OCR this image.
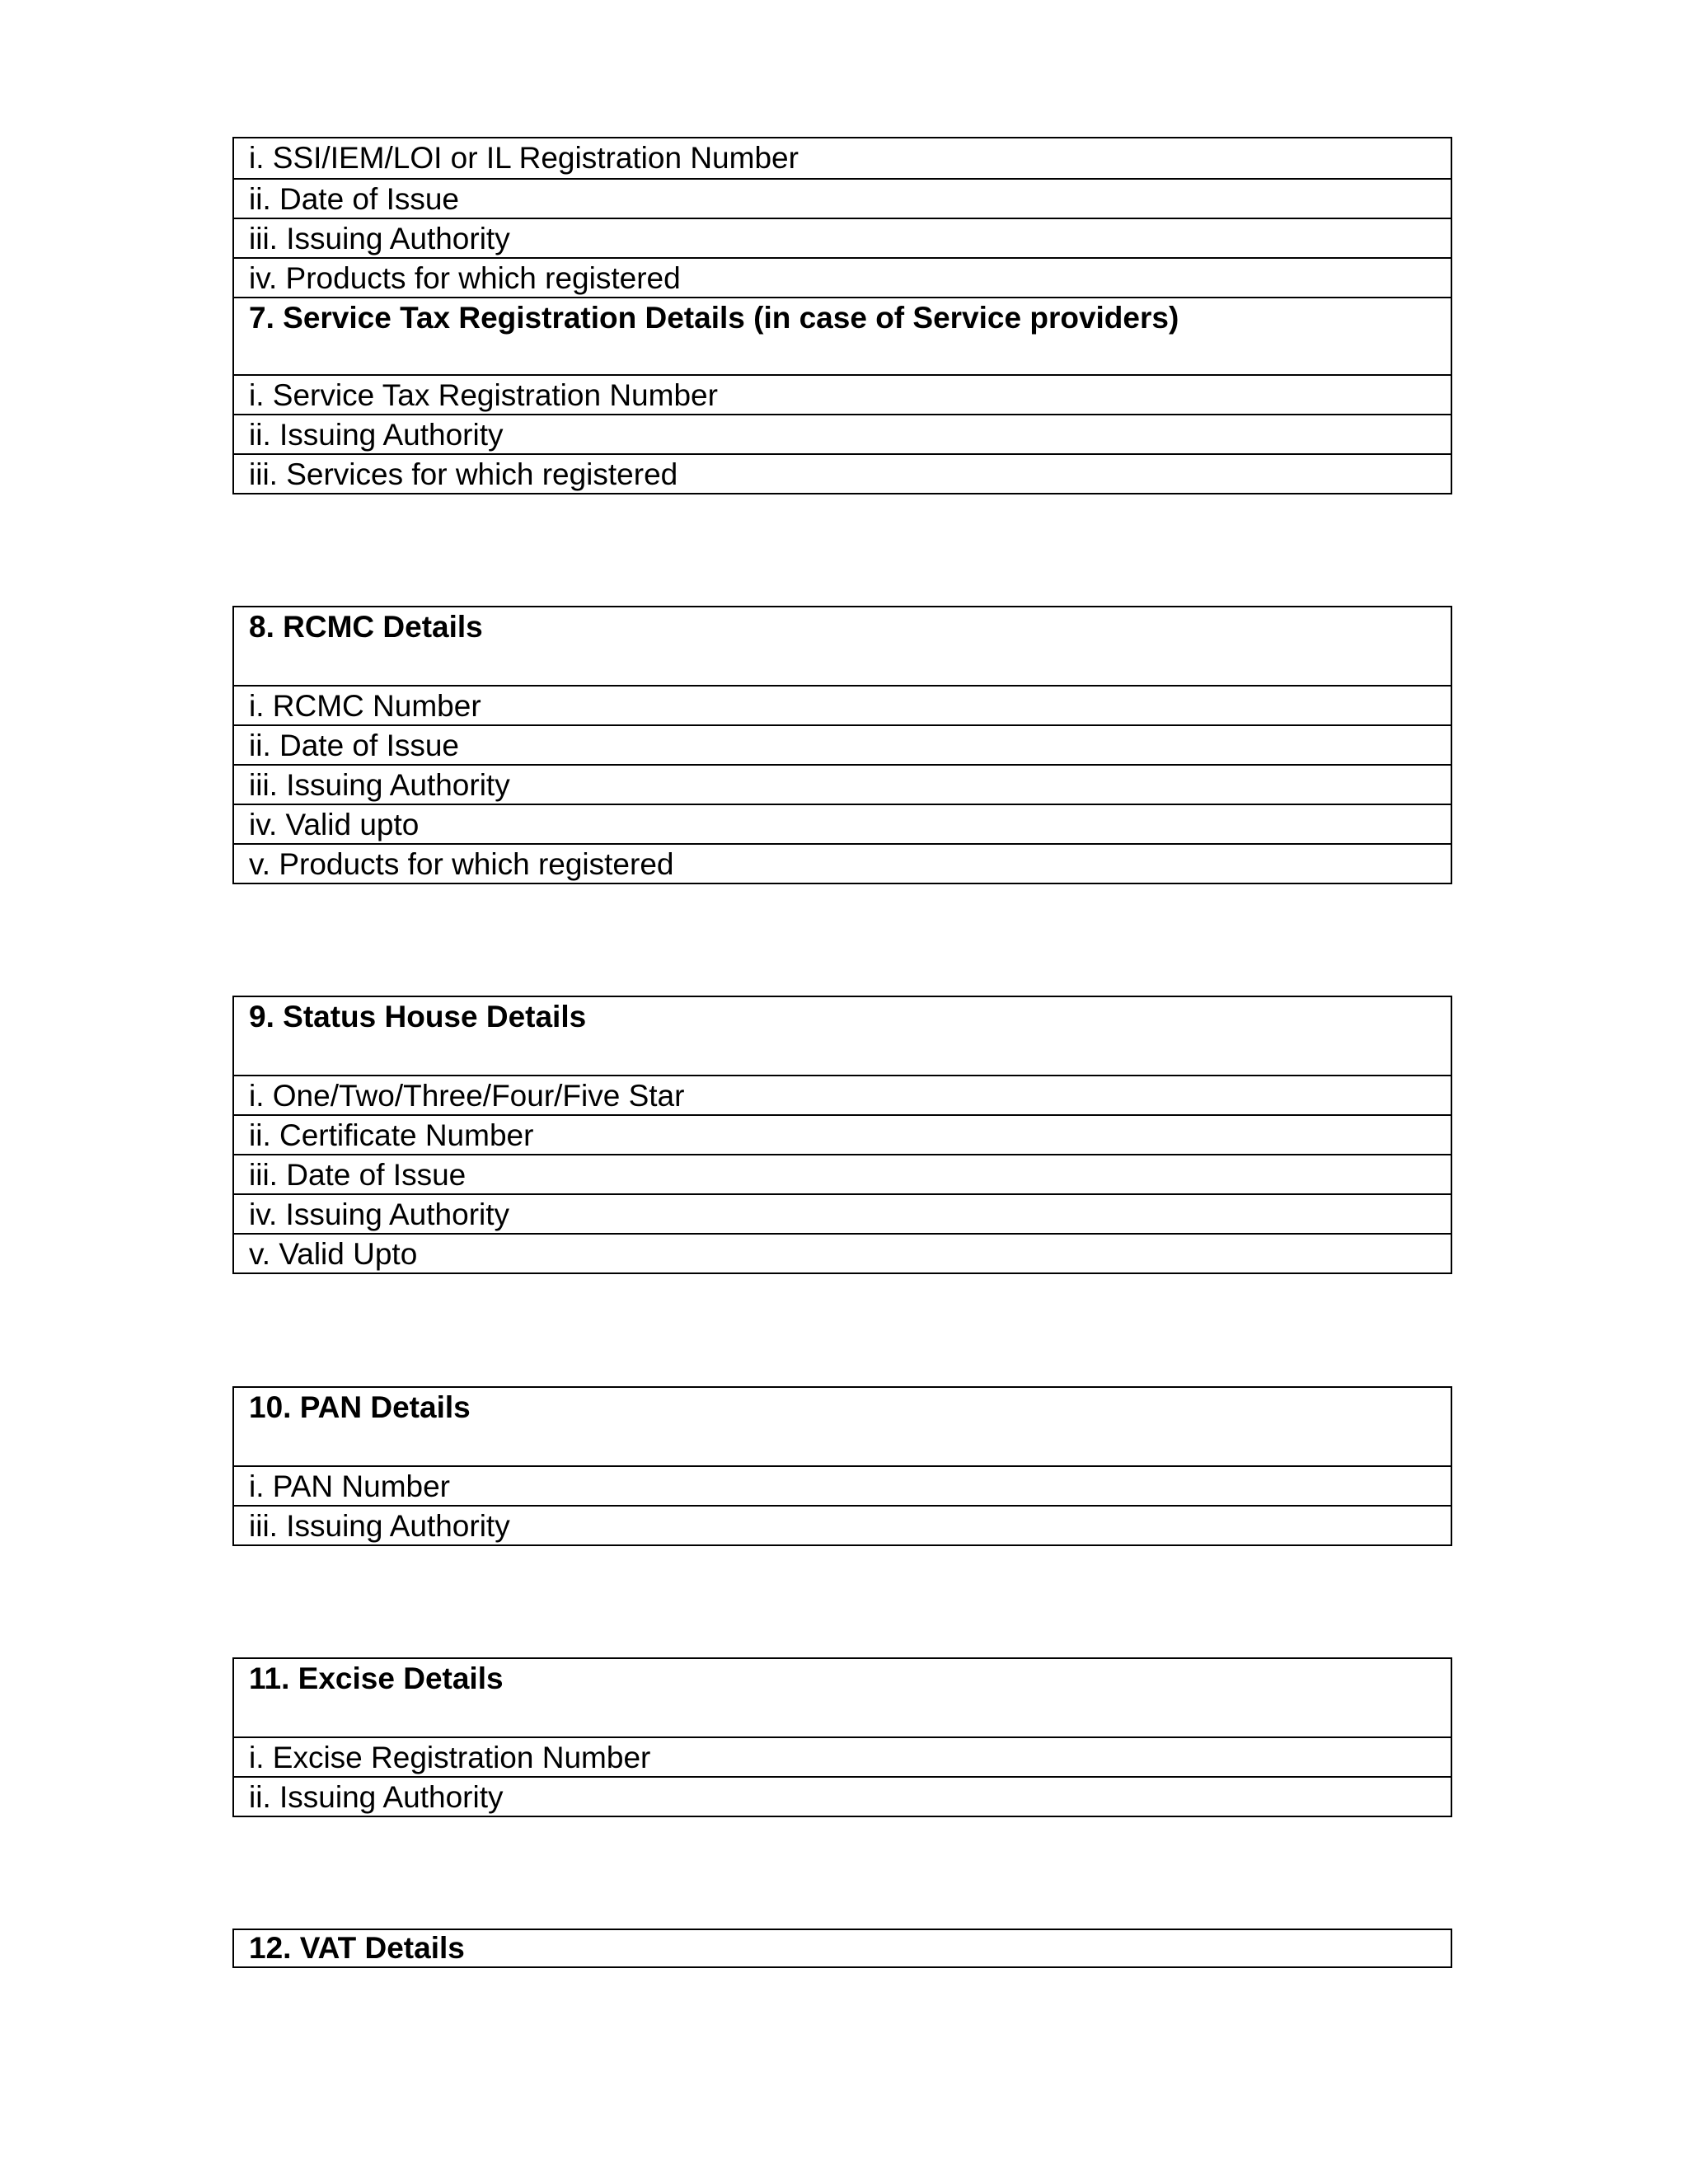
i. SSI/IEM/LOI or IL Registration Number
ii. Date of Issue
iii. Issuing Authority
iv. Products for which registered
7. Service Tax Registration Details (in case of Service providers)
i. Service Tax Registration Number
ii. Issuing Authority
iii. Services for which registered
8. RCMC Details
i. RCMC Number
ii. Date of Issue
iii. Issuing Authority
iv. Valid upto
v. Products for which registered
9. Status House Details
i. One/Two/Three/Four/Five Star
ii. Certificate Number
iii. Date of Issue
iv. Issuing Authority
v. Valid Upto
10. PAN Details
i. PAN Number
iii. Issuing Authority
11. Excise Details
i. Excise Registration Number
ii. Issuing Authority
12. VAT Details
